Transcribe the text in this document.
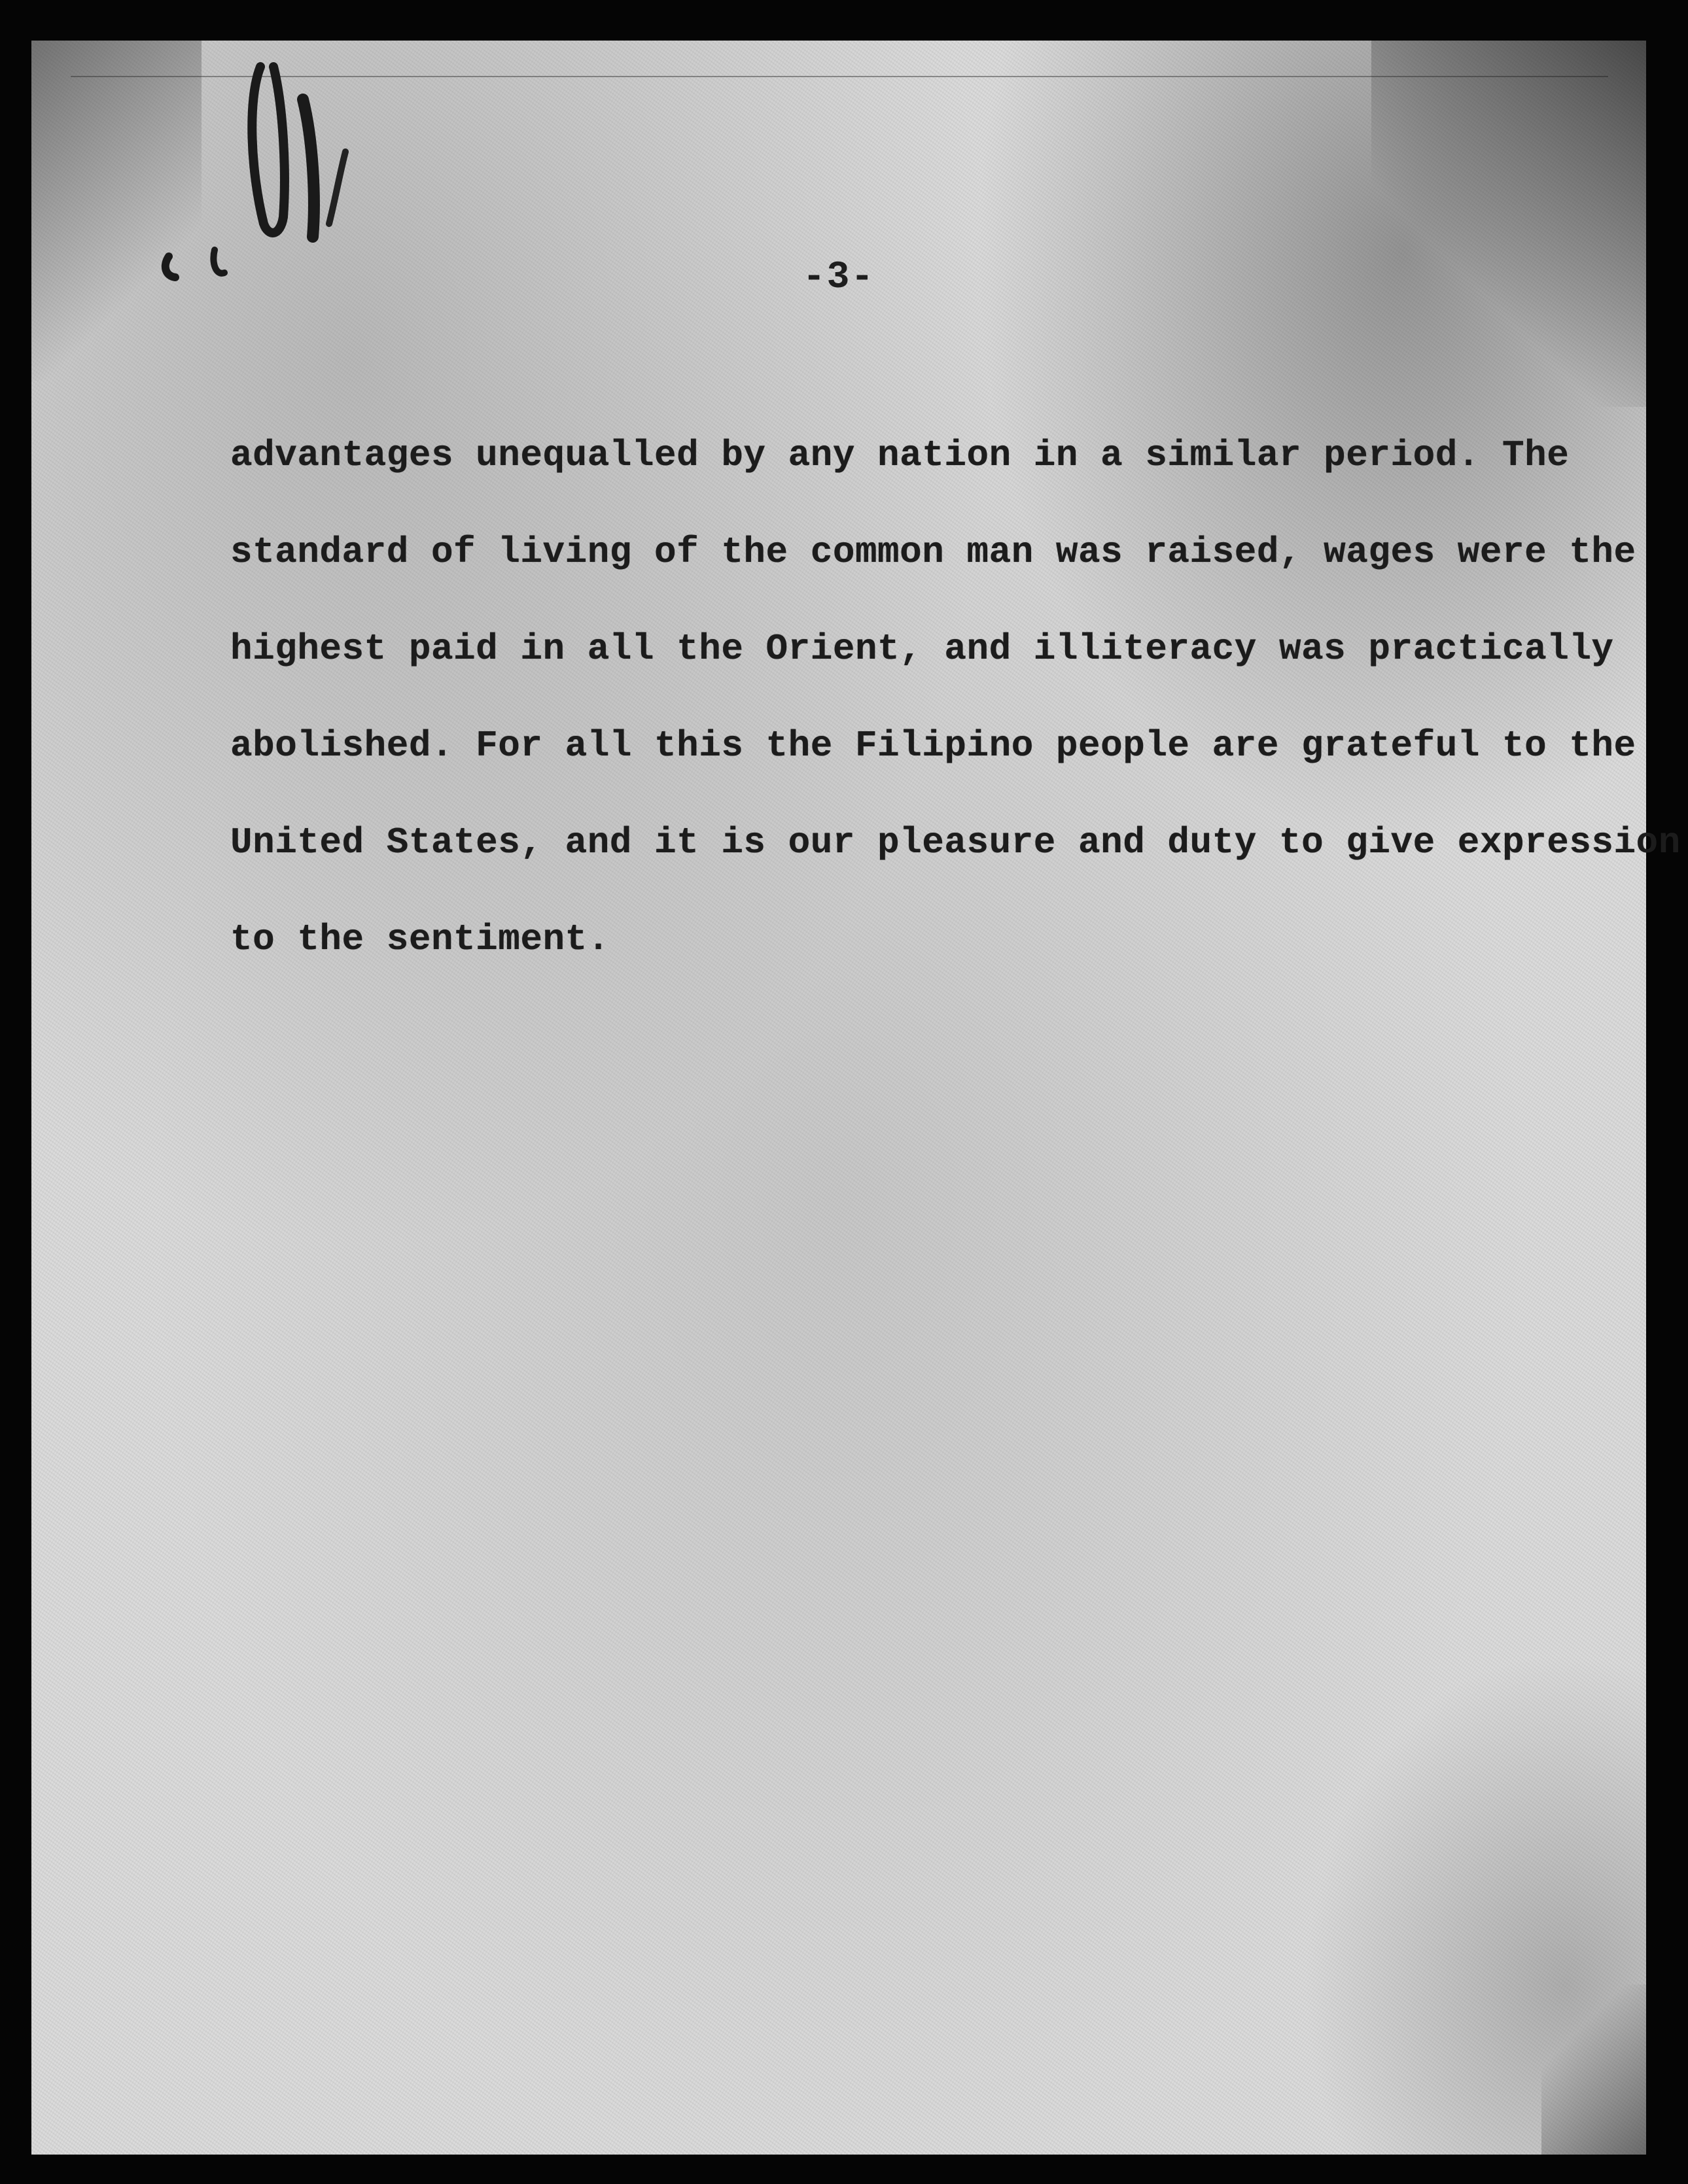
-3-
advantages unequalled by any nation in a similar period. The
standard of living of the common man was raised, wages were the
highest paid in all the Orient, and illiteracy was practically
abolished. For all this the Filipino people are grateful to the
United States, and it is our pleasure and duty to give expression
to the sentiment.
